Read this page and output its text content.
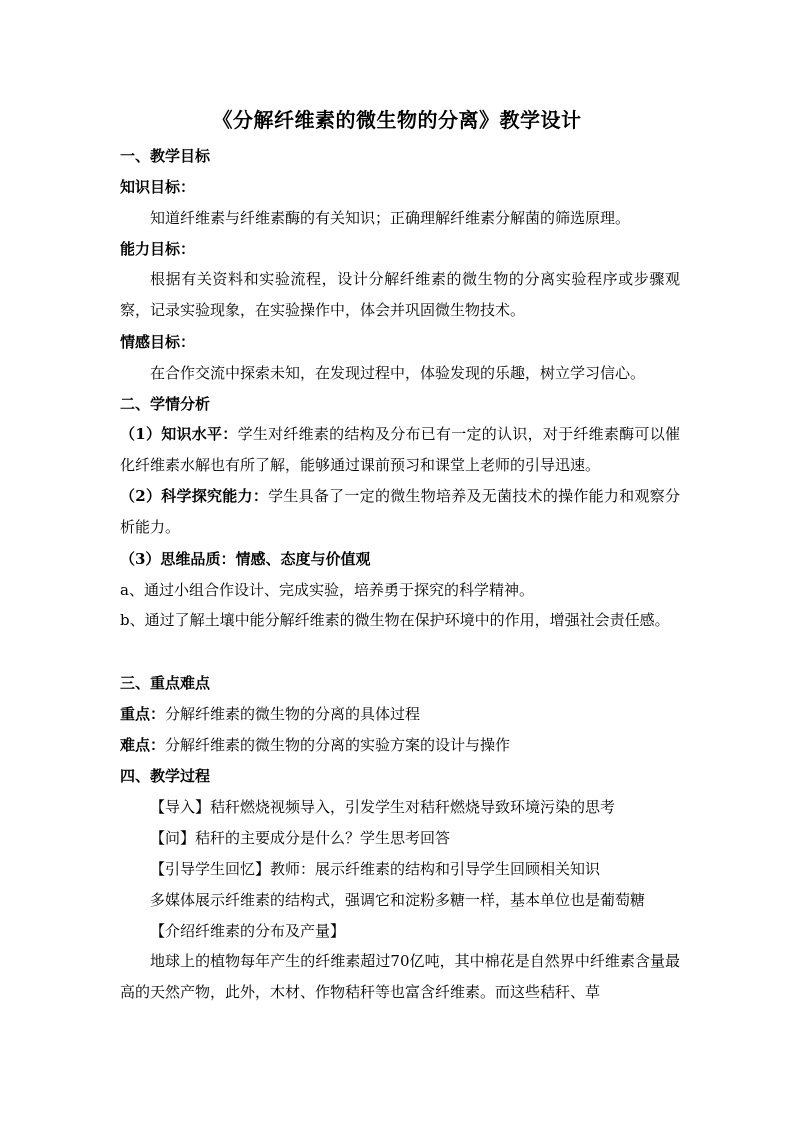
《分解纤维素的微生物的分离》教学设计
一、教学目标
知识目标：
知道纤维素与纤维素酶的有关知识；正确理解纤维素分解菌的筛选原理。
能力目标：
根据有关资料和实验流程，设计分解纤维素的微生物的分离实验程序或步骤观察，记录实验现象，在实验操作中，体会并巩固微生物技术。
情感目标：
在合作交流中探索未知，在发现过程中，体验发现的乐趣，树立学习信心。
二、学情分析
（1）知识水平：学生对纤维素的结构及分布已有一定的认识，对于纤维素酶可以催化纤维素水解也有所了解，能够通过课前预习和课堂上老师的引导迅速。
（2）科学探究能力：学生具备了一定的微生物培养及无菌技术的操作能力和观察分析能力。
（3）思维品质：情感、态度与价值观
a、通过小组合作设计、完成实验，培养勇于探究的科学精神。
b、通过了解土壤中能分解纤维素的微生物在保护环境中的作用，增强社会责任感。
三、重点难点
重点：分解纤维素的微生物的分离的具体过程
难点：分解纤维素的微生物的分离的实验方案的设计与操作
四、教学过程
【导入】秸秆燃烧视频导入，引发学生对秸秆燃烧导致环境污染的思考
【问】秸秆的主要成分是什么？学生思考回答
【引导学生回忆】教师：展示纤维素的结构和引导学生回顾相关知识
多媒体展示纤维素的结构式，强调它和淀粉多糖一样，基本单位也是葡萄糖
【介绍纤维素的分布及产量】
地球上的植物每年产生的纤维素超过70亿吨，其中棉花是自然界中纤维素含量最高的天然产物，此外，木材、作物秸秆等也富含纤维素。而这些秸秆、草
